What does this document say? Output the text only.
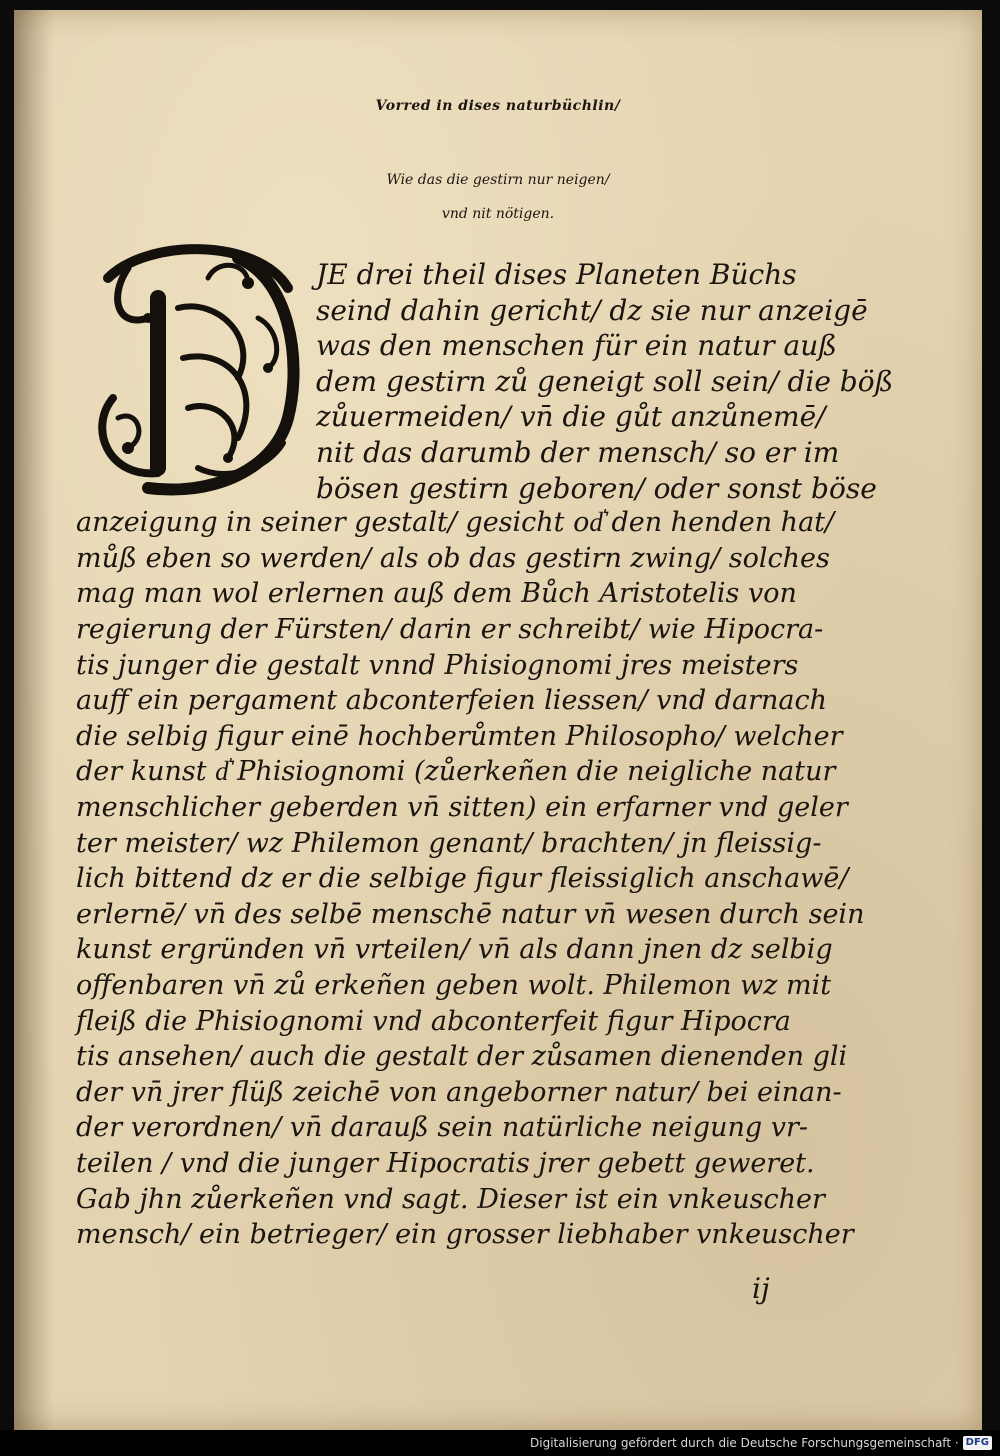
Vorred in dises naturbüchlin/
Wie das die gestirn nur neigen/
vnd nit nötigen.
JE drei theil dises Planeten Büchs
seind dahin gericht/ dz sie nur anzeigē
was den menschen für ein natur auß
dem gestirn zů geneigt soll sein/ die böß
zůuermeiden/ vn̄ die gůt anzůnemē/
nit das darumb der mensch/ so er im
bösen gestirn geboren/ oder sonst böse
anzeigung in seiner gestalt/ gesicht od͛ den henden hat/
můß eben so werden/ als ob das gestirn zwing/ solches
mag man wol erlernen auß dem Bůch Aristotelis von
regierung der Fürsten/ darin er schreibt/ wie Hipocra-
tis junger die gestalt vnnd Phisiognomi jres meisters
auff ein pergament abconterfeien liessen/ vnd darnach
die selbig figur einē hochberůmten Philosopho/ welcher
der kunst d͛ Phisiognomi (zůerkeñen die neigliche natur
menschlicher geberden vn̄ sitten) ein erfarner vnd geler
ter meister/ wz Philemon genant/ brachten/ jn fleissig-
lich bittend dz er die selbige figur fleissiglich anschawē/
erlernē/ vn̄ des selbē menschē natur vn̄ wesen durch sein
kunst ergründen vn̄ vrteilen/ vn̄ als dann jnen dz selbig
offenbaren vn̄ zů erkeñen geben wolt. Philemon wz mit
fleiß die Phisiognomi vnd abconterfeit figur Hipocra
tis ansehen/ auch die gestalt der zůsamen dienenden gli
der vn̄ jrer flüß zeichē von angeborner natur/ bei einan-
der verordnen/ vn̄ darauß sein natürliche neigung vr-
teilen / vnd die junger Hipocratis jrer gebett geweret.
Gab jhn zůerkeñen vnd sagt. Dieser ist ein vnkeuscher
mensch/ ein betrieger/ ein grosser liebhaber vnkeuscher
ij
Digitalisierung gefördert durch die Deutsche Forschungsgemeinschaft · DFG
